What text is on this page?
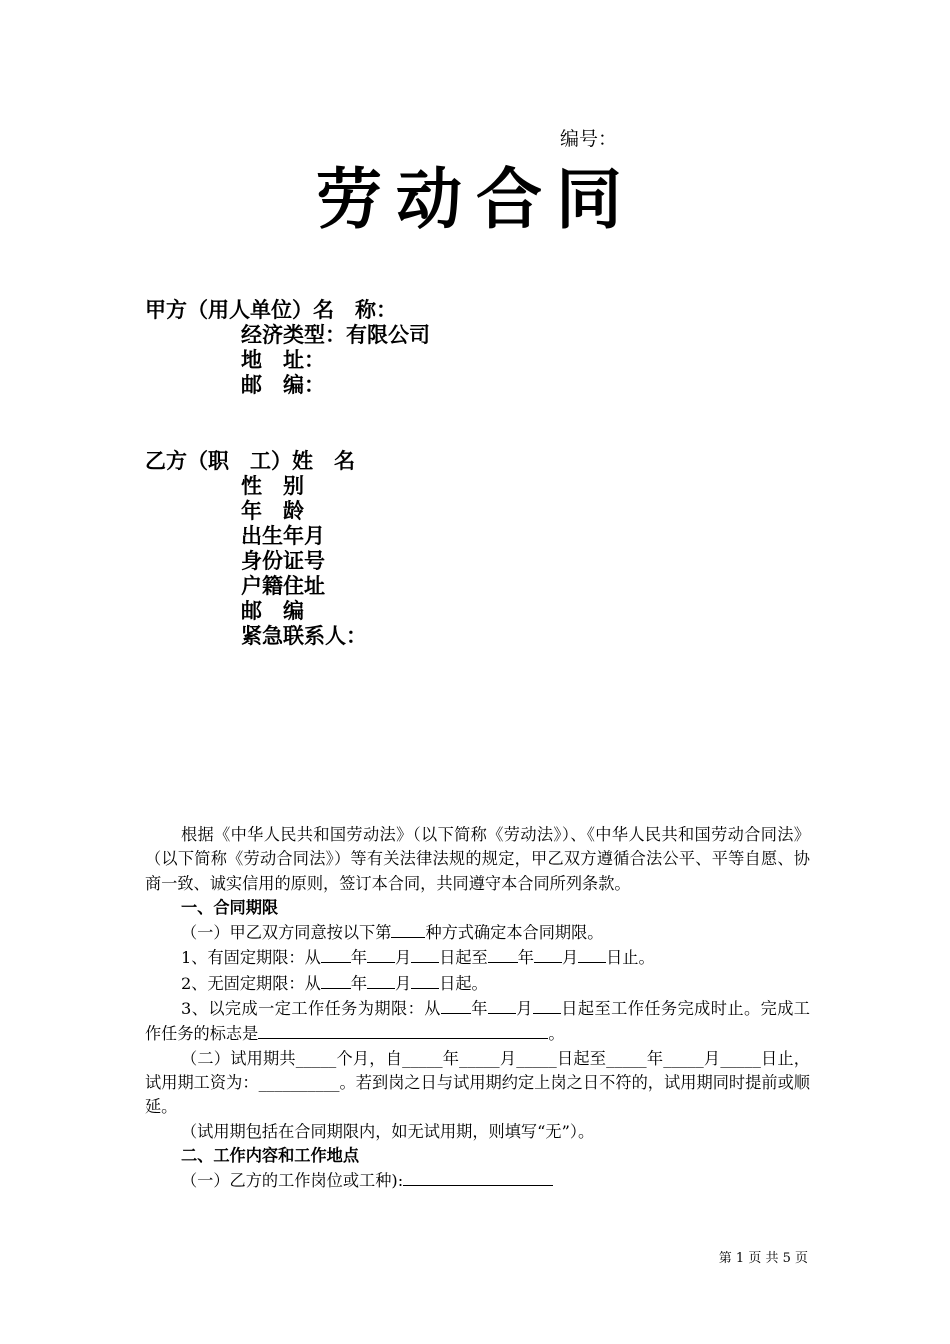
编号：
劳动合同
甲方（用人单位）名　称：
经济类型：有限公司
地　址：
邮　编：
乙方（职　工）姓　名
性　别
年　龄
出生年月
身份证号
户籍住址
邮　编
紧急联系人：

根据《中华人民共和国劳动法》（以下简称《劳动法》）、《中华人民共和国劳动合同法》（以下简称《劳动合同法》）等有关法律法规的规定，甲乙双方遵循合法公平、平等自愿、协商一致、诚实信用的原则，签订本合同，共同遵守本合同所列条款。

一、合同期限

（一）甲乙双方同意按以下第 种方式确定本合同期限。

1、有固定期限：从 年 月 日起至 年 月 日止。

2、无固定期限：从 年 月 日起。

3、以完成一定工作任务为期限：从 年 月 日起至工作任务完成时止。完成工作任务的标志是	。

（二）试用期共_____个月，自_____年_____月_____日起至_____年_____月_____日止，试用期工资为：__________。若到岗之日与试用期约定上岗之日不符的，试用期同时提前或顺延。

（试用期包括在合同期限内，如无试用期，则填写“无”）。

二、工作内容和工作地点

（一）乙方的工作岗位或工种):

第 1 页 共 5 页
